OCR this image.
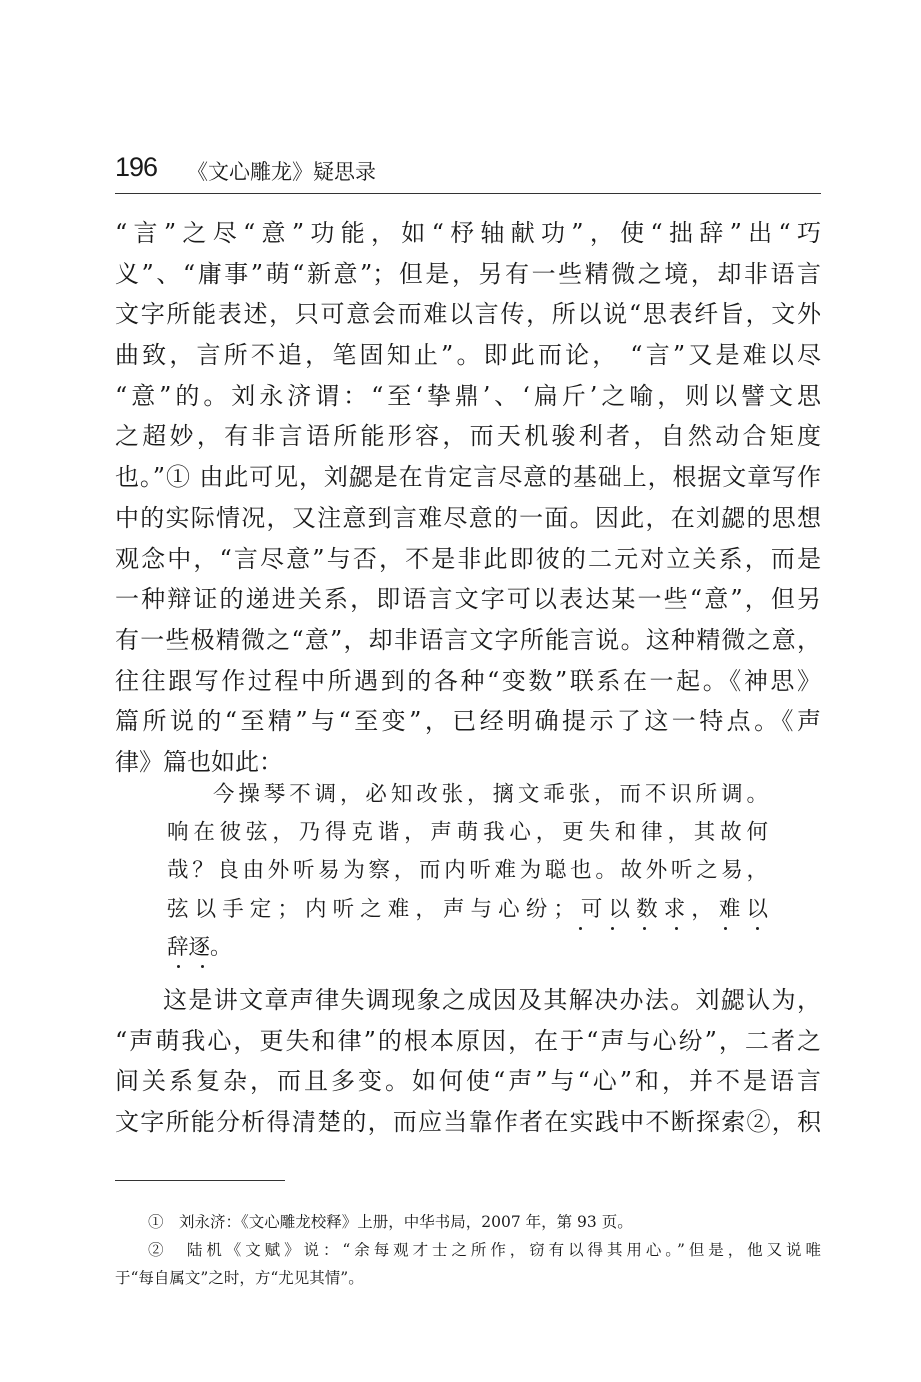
196 《文心雕龙》疑思录
“言”之尽“意”功能，如“杼轴献功”，使“拙辞”出“巧
义”、“庸事”萌“新意”；但是，另有一些精微之境，却非语言
文字所能表述，只可意会而难以言传，所以说“思表纤旨，文外
曲致，言所不追，笔固知止”。即此而论， “言”又是难以尽
“意”的。刘永济谓：“至‘挚鼎’、‘扁斤’之喻，则以譬文思
之超妙，有非言语所能形容，而天机骏利者，自然动合矩度
也。”① 由此可见，刘勰是在肯定言尽意的基础上，根据文章写作
中的实际情况，又注意到言难尽意的一面。因此，在刘勰的思想
观念中，“言尽意”与否，不是非此即彼的二元对立关系，而是
一种辩证的递进关系，即语言文字可以表达某一些“意”，但另
有一些极精微之“意”，却非语言文字所能言说。这种精微之意，
往往跟写作过程中所遇到的各种“变数”联系在一起。《神思》
篇所说的“至精”与“至变”，已经明确提示了这一特点。《声
律》篇也如此：
今操琴不调，必知改张，摛文乖张，而不识所调。
响在彼弦，乃得克谐，声萌我心，更失和律，其故何
哉？良由外听易为察，而内听难为聪也。故外听之易，
弦以手定；内听之难，声与心纷；可以数求，难以
辞逐。
这是讲文章声律失调现象之成因及其解决办法。刘勰认为，
“声萌我心，更失和律”的根本原因，在于“声与心纷”，二者之
间关系复杂，而且多变。如何使“声”与“心”和，并不是语言
文字所能分析得清楚的，而应当靠作者在实践中不断探索②，积
①　刘永济：《文心雕龙校释》上册，中华书局，2007 年，第 93 页。
②　陆机《文赋》说：“余每观才士之所作，窃有以得其用心。”但是，他又说唯
于“每自属文”之时，方“尤见其情”。
